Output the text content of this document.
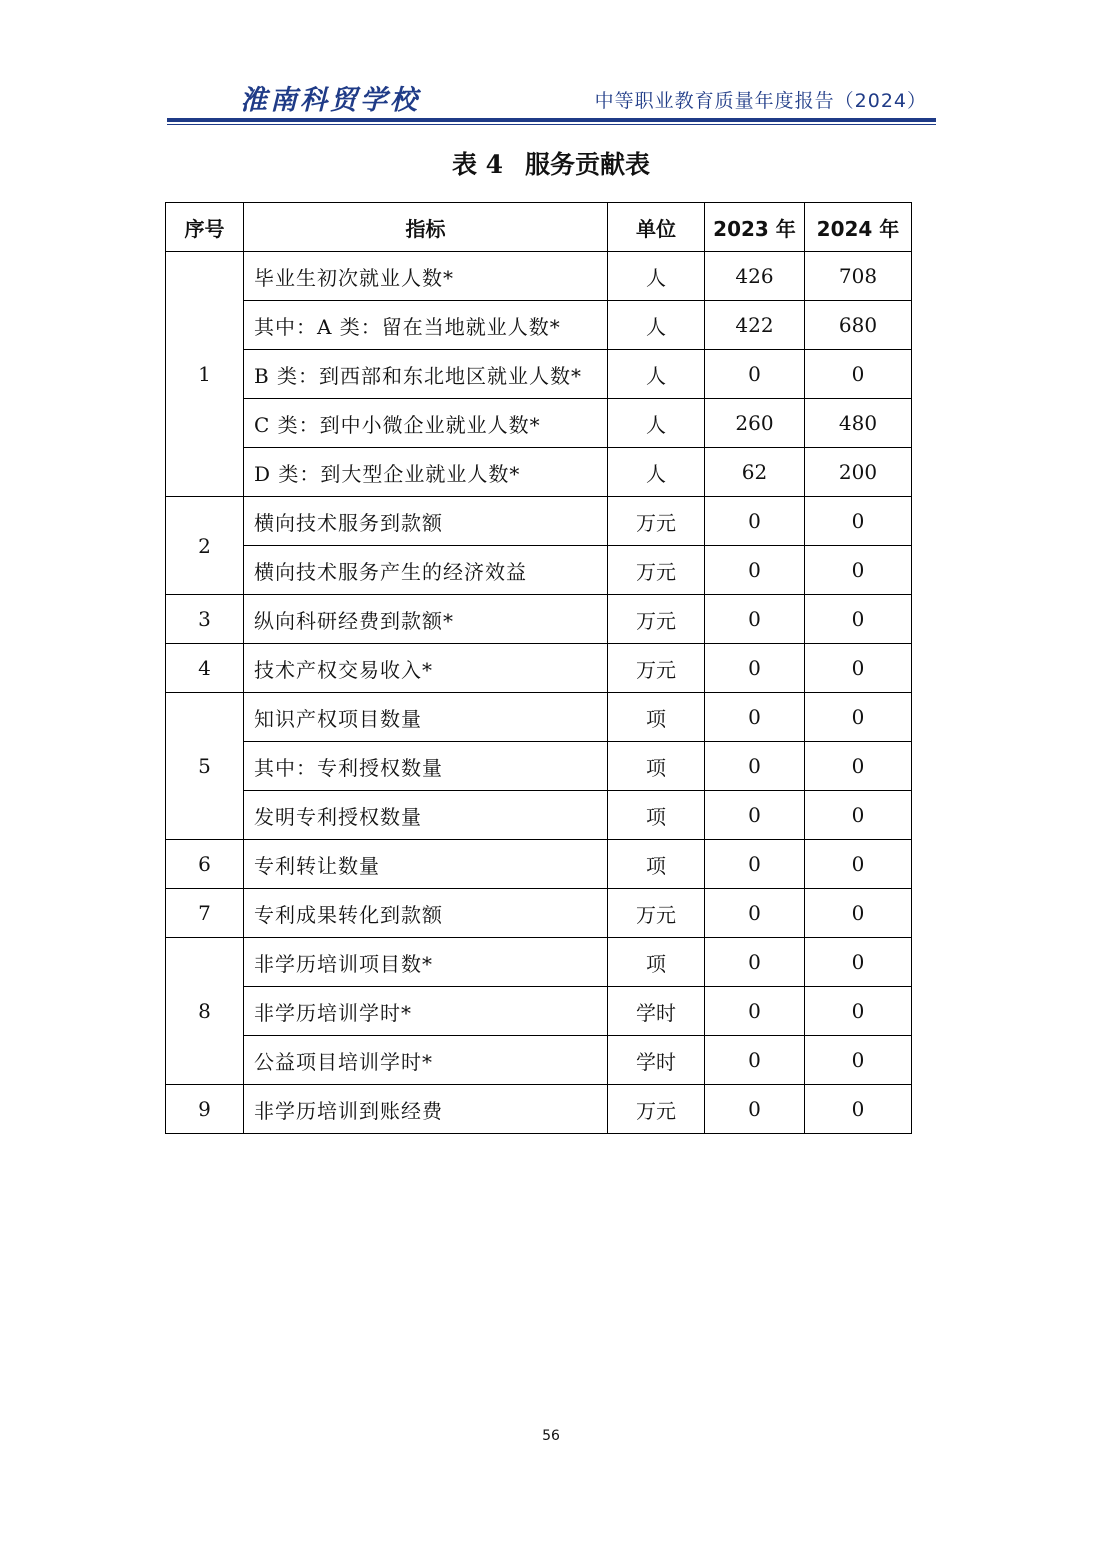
淮南科贸学校	中等职业教育质量年度报告（2024）
表 4 服务贡献表
序号	指标	单位	2023 年	2024 年
1	毕业生初次就业人数*	人	426	708
	其中：A 类：留在当地就业人数*	人	422	680
	B 类：到西部和东北地区就业人数*	人	0	0
	C 类：到中小微企业就业人数*	人	260	480
	D 类：到大型企业就业人数*	人	62	200
2	横向技术服务到款额	万元	0	0
	横向技术服务产生的经济效益	万元	0	0
3	纵向科研经费到款额*	万元	0	0
4	技术产权交易收入*	万元	0	0
5	知识产权项目数量	项	0	0
	其中：专利授权数量	项	0	0
	发明专利授权数量	项	0	0
6	专利转让数量	项	0	0
7	专利成果转化到款额	万元	0	0
8	非学历培训项目数*	项	0	0
	非学历培训学时*	学时	0	0
	公益项目培训学时*	学时	0	0
9	非学历培训到账经费	万元	0	0
56
